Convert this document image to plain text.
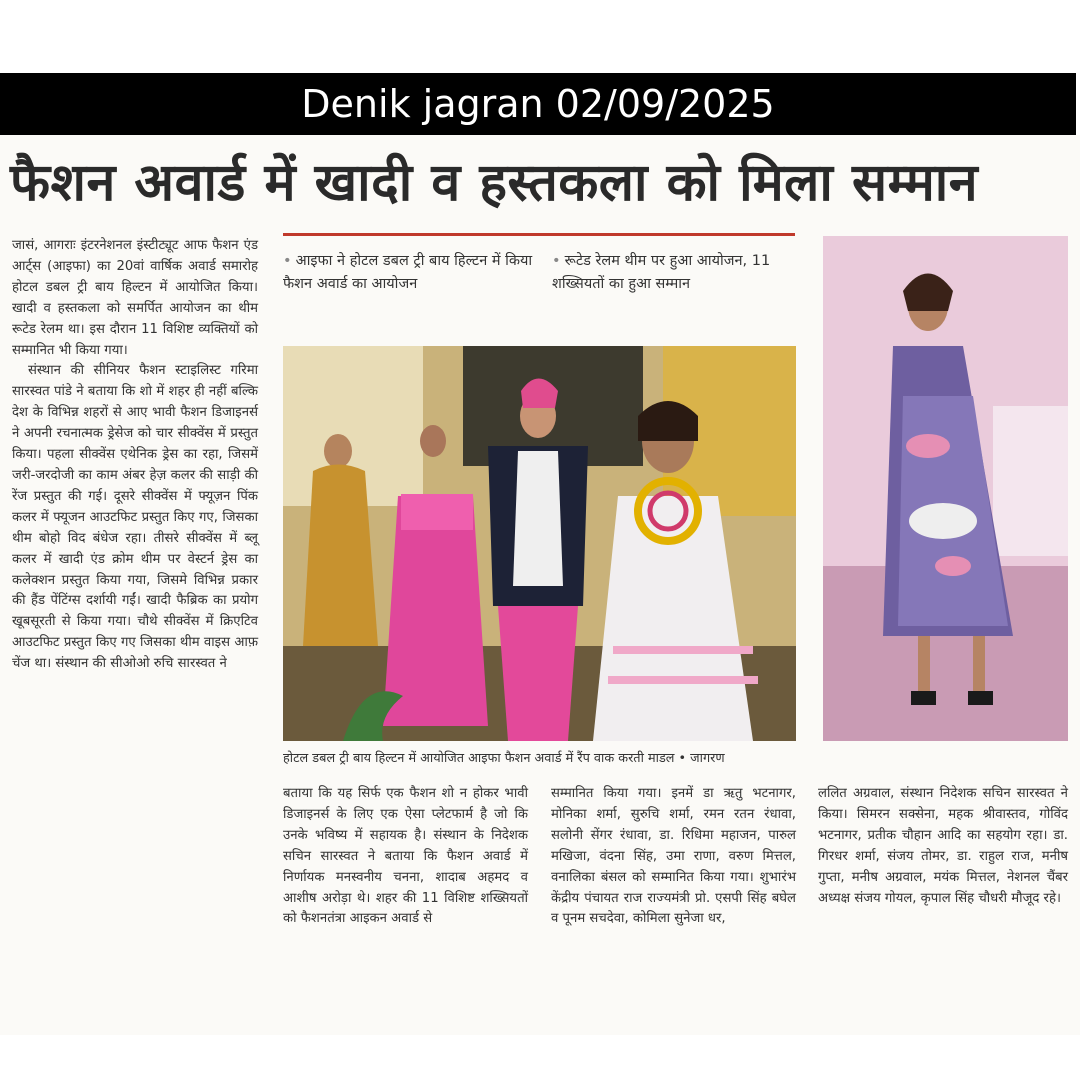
Denik jagran 02/09/2025
फैशन अवार्ड में खादी व हस्तकला को मिला सम्मान

जासं, आगराः इंटरनेशनल इंस्टीट्यूट आफ फैशन एंड आर्ट्स (आइफा) का 20वां वार्षिक अवार्ड समारोह होटल डबल ट्री बाय हिल्टन में आयोजित किया। खादी व हस्तकला को समर्पित आयोजन का थीम रूटेड रेलम था। इस दौरान 11 विशिष्ट व्यक्तियों को सम्मानित भी किया गया।

संस्थान की सीनियर फैशन स्टाइलिस्ट गरिमा सारस्वत पांडे ने बताया कि शो में शहर ही नहीं बल्कि देश के विभिन्न शहरों से आए भावी फैशन डिजाइनर्स ने अपनी रचनात्मक ड्रेसेज को चार सीक्वेंस में प्रस्तुत किया। पहला सीक्वेंस एथेनिक ड्रेस का रहा, जिसमें जरी-जरदोजी का काम अंबर हेज़ कलर की साड़ी की रेंज प्रस्तुत की गई। दूसरे सीक्वेंस में फ्यूज़न पिंक कलर में फ्यूजन आउटफिट प्रस्तुत किए गए, जिसका थीम बोहो विद बंधेज रहा। तीसरे सीक्वेंस में ब्लू कलर में खादी एंड क्रोम थीम पर वेस्टर्न ड्रेस का कलेक्शन प्रस्तुत किया गया, जिसमे विभिन्न प्रकार की हैंड पेंटिंग्स दर्शायी गईं। खादी फैब्रिक का प्रयोग खूबसूरती से किया गया। चौथे सीक्वेंस में क्रिएटिव आउटफिट प्रस्तुत किए गए जिसका थीम वाइस आफ़ चेंज था। संस्थान की सीओओ रुचि सारस्वत ने

• आइफा ने होटल डबल ट्री बाय हिल्टन में किया फैशन अवार्ड का आयोजन
• रूटेड रेलम थीम पर हुआ आयोजन, 11 शख्सियतों का हुआ सम्मान
होटल डबल ट्री बाय हिल्टन में आयोजित आइफा फैशन अवार्ड में रैंप वाक करती माडल • जागरण

बताया कि यह सिर्फ एक फैशन शो न होकर भावी डिजाइनर्स के लिए एक ऐसा प्लेटफार्म है जो कि उनके भविष्य में सहायक है। संस्थान के निदेशक सचिन सारस्वत ने बताया कि फैशन अवार्ड में निर्णायक मनस्वनीय चनना, शादाब अहमद व आशीष अरोड़ा थे। शहर की 11 विशिष्ट शख्सियतों को फैशनतंत्रा आइकन अवार्ड से

सम्मानित किया गया। इनमें डा ऋतु भटनागर, मोनिका शर्मा, सुरुचि शर्मा, रमन रतन रंधावा, सलोनी सेंगर रंधावा, डा. रिधिमा महाजन, पारुल मखिजा, वंदना सिंह, उमा राणा, वरुण मित्तल, वनालिका बंसल को सम्मानित किया गया। शुभारंभ केंद्रीय पंचायत राज राज्यमंत्री प्रो. एसपी सिंह बघेल व पूनम सचदेवा, कोमिला सुनेजा धर,

ललित अग्रवाल, संस्थान निदेशक सचिन सारस्वत ने किया। सिमरन सक्सेना, महक श्रीवास्तव, गोविंद भटनागर, प्रतीक चौहान आदि का सहयोग रहा। डा. गिरधर शर्मा, संजय तोमर, डा. राहुल राज, मनीष गुप्ता, मनीष अग्रवाल, मयंक मित्तल, नेशनल चैंबर अध्यक्ष संजय गोयल, कृपाल सिंह चौधरी मौजूद रहे।
